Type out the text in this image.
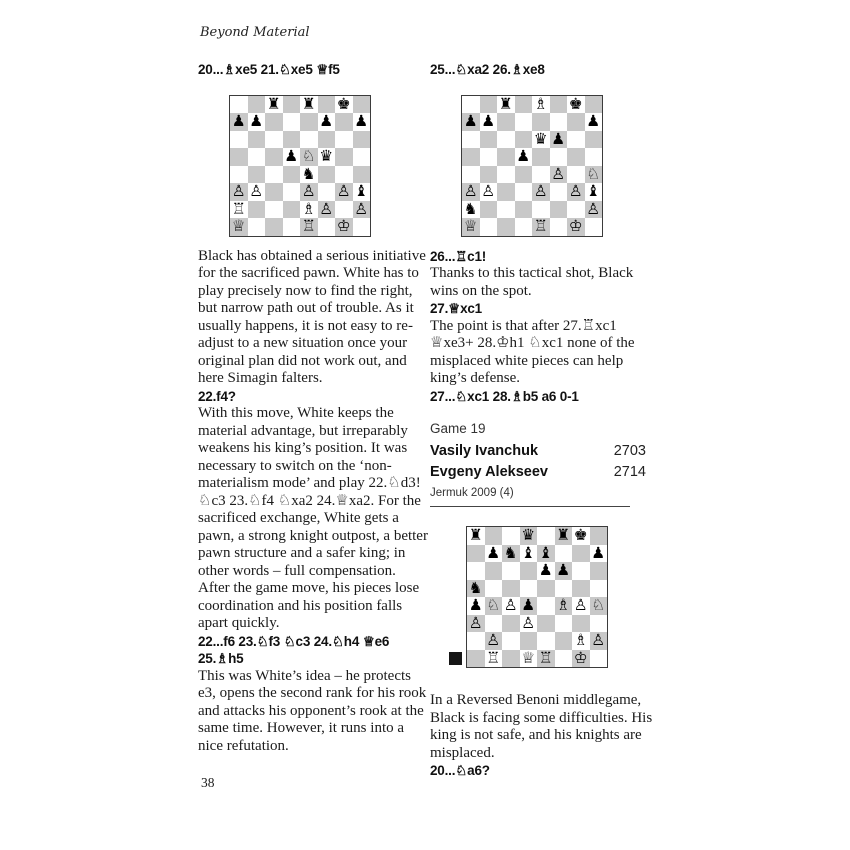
Beyond Material
20...♗xe5 21.♘xe5 ♕f5
♜ ♜ ♚
♟ ♟	♟ ♟
♟ ♘ ♛
♞
♙ ♙ ♙ ♙ ♝
♖	♗ ♙ ♙
♕	♖ ♔
Black has obtained a serious initiative for the sacrificed pawn. White has to play precisely now to find the right, but narrow path out of trouble. As it usually happens, it is not easy to re-adjust to a new situation once your original plan did not work out, and here Simagin falters.
22.f4?
With this move, White keeps the material advantage, but irreparably weakens his king’s position. It was necessary to switch on the ‘non-materialism mode’ and play 22.♘d3! ♘c3 23.♘f4 ♘xa2 24.♕xa2. For the sacrificed exchange, White gets a pawn, a strong knight outpost, a better pawn structure and a safer king; in other words – full compensation. After the game move, his pieces lose coordination and his position falls apart quickly.
22...f6 23.♘f3 ♘c3 24.♘h4 ♕e6 25.♗h5
This was White’s idea – he protects e3, opens the second rank for his rook and attacks his opponent’s rook at the same time. However, it runs into a nice refutation.
25...♘xa2 26.♗xe8
♜ ♗ ♚
♟ ♟	♟
♛ ♟
♟
♙ ♘
♙ ♙ ♙ ♙ ♝
♞	♙
♕	♖ ♔
26...♖c1!
Thanks to this tactical shot, Black wins on the spot.
27.♕xc1
The point is that after 27.♖xc1 ♕xe3+ 28.♔h1 ♘xc1 none of the misplaced white pieces can help king’s defense.
27...♘xc1 28.♗b5 a6 0-1
Game 19
Vasily Ivanchuk	2703
Evgeny Alekseev	2714
Jermuk 2009 (4)
♜ ♛ ♜ ♚
♟ ♞ ♝ ♝ ♟
♟ ♟
♞
♟ ♘ ♙ ♟ ♗ ♙ ♘
♙ ♙
♙	♗ ♙
♖ ♕ ♖ ♔
In a Reversed Benoni middlegame, Black is facing some difficulties. His king is not safe, and his knights are misplaced.
20...♘a6?
38
